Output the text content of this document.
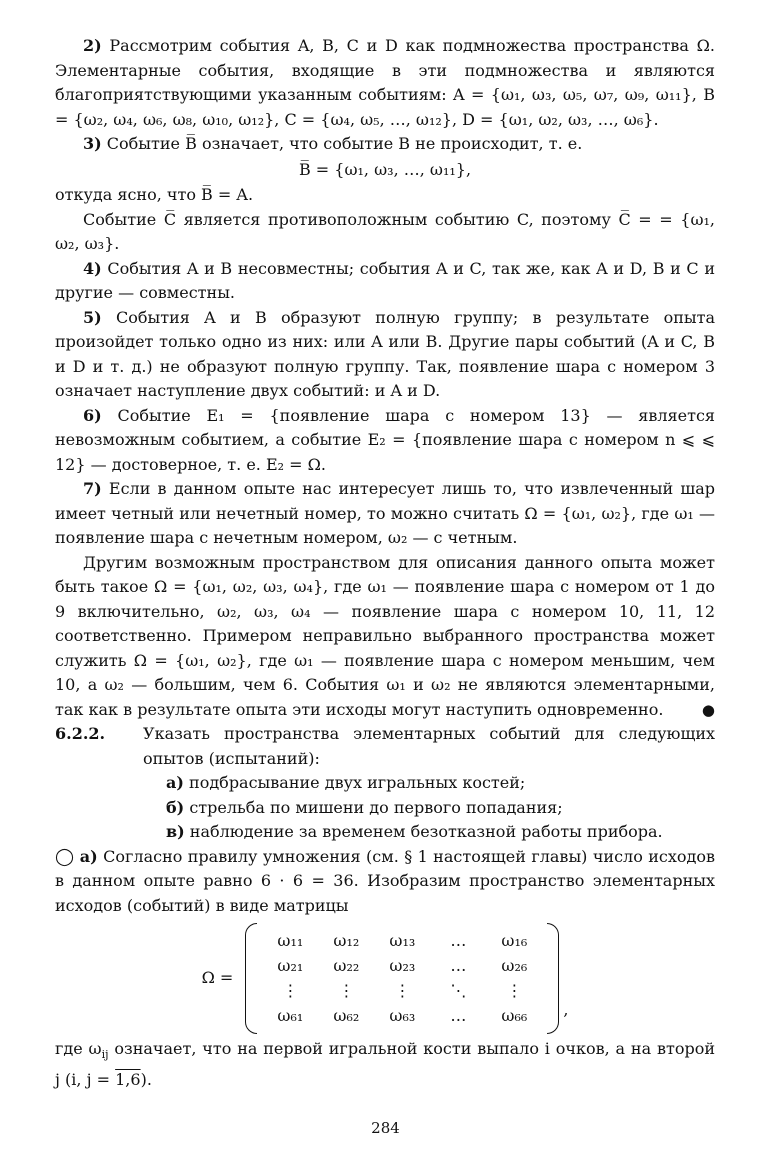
2) Рассмотрим события A, B, C и D как подмножества пространства Ω. Элементарные события, входящие в эти подмножества и являются благоприятствующими указанным событиям: A = {ω₁, ω₃, ω₅, ω₇, ω₉, ω₁₁}, B = {ω₂, ω₄, ω₆, ω₈, ω₁₀, ω₁₂}, C = {ω₄, ω₅, …, ω₁₂}, D = {ω₁, ω₂, ω₃, …, ω₆}.

3) Событие B̅ означает, что событие B не происходит, т. е.

B̅ = {ω₁, ω₃, …, ω₁₁},

откуда ясно, что B̅ = A.

Событие C̅ является противоположным событию C, поэтому C̅ = = {ω₁, ω₂, ω₃}.

4) События A и B несовместны; события A и C, так же, как A и D, B и C и другие — совместны.

5) События A и B образуют полную группу; в результате опыта произойдет только одно из них: или A или B. Другие пары событий (A и C, B и D и т. д.) не образуют полную группу. Так, появление шара с номером 3 означает наступление двух событий: и A и D.

6) Событие E₁ = {появление шара с номером 13} — является невозможным событием, а событие E₂ = {появление шара с номером n ⩽ ⩽ 12} — достоверное, т. е. E₂ = Ω.

7) Если в данном опыте нас интересует лишь то, что извлеченный шар имеет четный или нечетный номер, то можно считать Ω = {ω₁, ω₂}, где ω₁ — появление шара с нечетным номером, ω₂ — с четным.

Другим возможным пространством для описания данного опыта может быть такое Ω = {ω₁, ω₂, ω₃, ω₄}, где ω₁ — появление шара с номером от 1 до 9 включительно, ω₂, ω₃, ω₄ — появление шара с номером 10, 11, 12 соответственно. Примером неправильно выбранного пространства может служить Ω = {ω₁, ω₂}, где ω₁ — появление шара с номером меньшим, чем 10, а ω₂ — большим, чем 6. События ω₁ и ω₂ не являются элементарными, так как в результате опыта эти исходы могут наступить одновременно.	●

6.2.2.	Указать пространства элементарных событий для следующих опытов (испытаний):

а) подбрасывание двух игральных костей;

б) стрельба по мишени до первого попадания;

в) наблюдение за временем безотказной работы прибора.

◯ а) Согласно правилу умножения (см. § 1 настоящей главы) число исходов в данном опыте равно 6 · 6 = 36. Изобразим пространство элементарных исходов (событий) в виде матрицы

Ω =
ω₁₁	ω₁₂	ω₁₃	…	ω₁₆
ω₂₁	ω₂₂	ω₂₃	…	ω₂₆
⋮	⋮	⋮	⋱	⋮
ω₆₁	ω₆₂	ω₆₃	…	ω₆₆	,

где $\omega_{ij}$ означает, что на первой игральной кости выпало i очков, а на второй j (i, j = 1,6).

284
